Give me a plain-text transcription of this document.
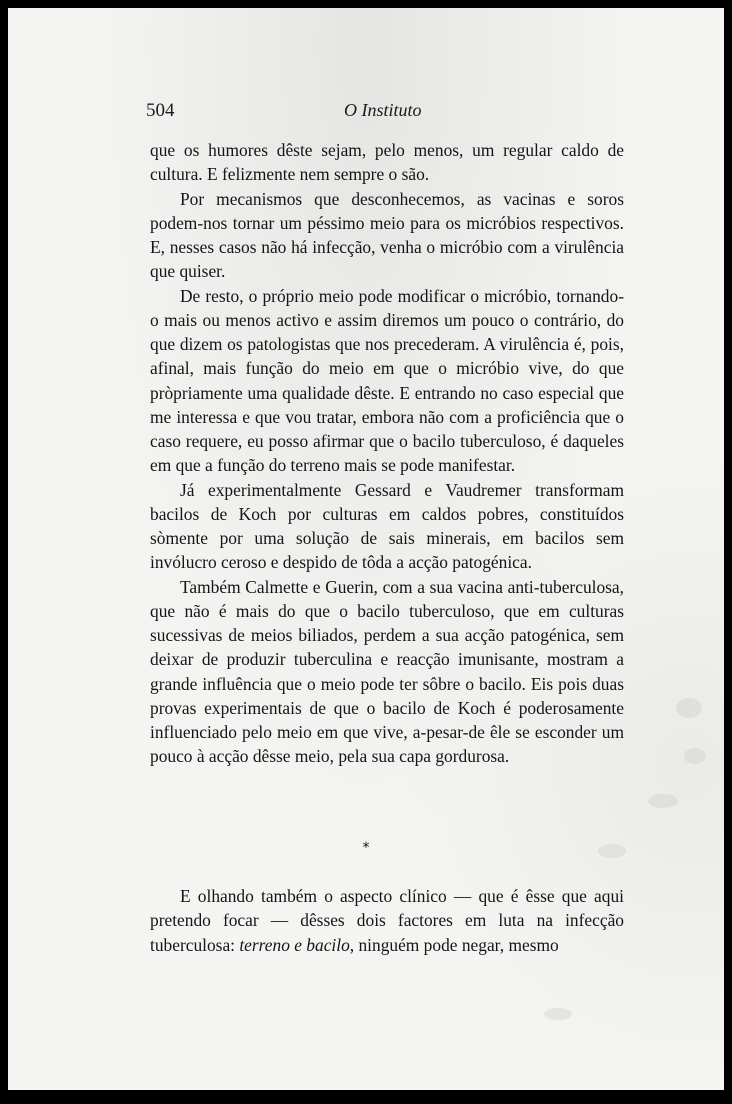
504	O Instituto

que os humores dêste sejam, pelo menos, um regular caldo de cultura. E felizmente nem sempre o são.

Por mecanismos que desconhecemos, as vacinas e soros podem-nos tornar um péssimo meio para os micróbios respectivos. E, nesses casos não há infecção, venha o micróbio com a virulência que quiser.

De resto, o próprio meio pode modificar o micróbio, tornando-o mais ou menos activo e assim diremos um pouco o contrário, do que dizem os patologistas que nos precederam. A virulência é, pois, afinal, mais função do meio em que o micróbio vive, do que pròpriamente uma qualidade dêste. E entrando no caso especial que me interessa e que vou tratar, embora não com a proficiência que o caso requere, eu posso afirmar que o bacilo tuberculoso, é daqueles em que a função do terreno mais se pode manifestar.

Já experimentalmente Gessard e Vaudremer transformam bacilos de Koch por culturas em caldos pobres, constituídos sòmente por uma solução de sais minerais, em bacilos sem invólucro ceroso e despido de tôda a acção patogénica.

Também Calmette e Guerin, com a sua vacina anti-tuberculosa, que não é mais do que o bacilo tuberculoso, que em culturas sucessivas de meios biliados, perdem a sua acção patogénica, sem deixar de produzir tuberculina e reacção imunisante, mostram a grande influência que o meio pode ter sôbre o bacilo. Eis pois duas provas experimentais de que o bacilo de Koch é poderosamente influenciado pelo meio em que vive, a-pesar-de êle se esconder um pouco à acção dêsse meio, pela sua capa gordurosa.

*

E olhando também o aspecto clínico — que é êsse que aqui pretendo focar — dêsses dois factores em luta na infecção tuberculosa: terreno e bacilo, ninguém pode negar, mesmo
